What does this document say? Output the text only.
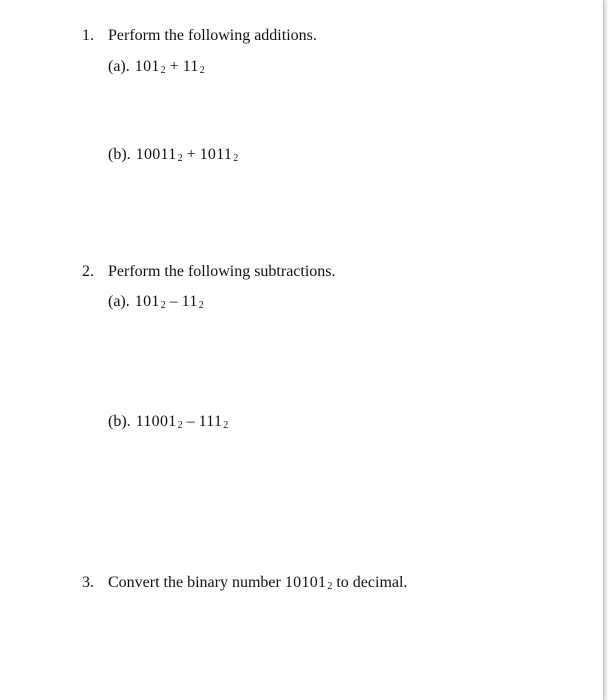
1. Perform the following additions.
(a). $101_2 + 11_2$
(b). $10011_2 + 1011_2$
2. Perform the following subtractions.
(a). $101_2 - 11_2$
(b). $11001_2 - 111_2$
3. Convert the binary number $10101_2$ to decimal.
